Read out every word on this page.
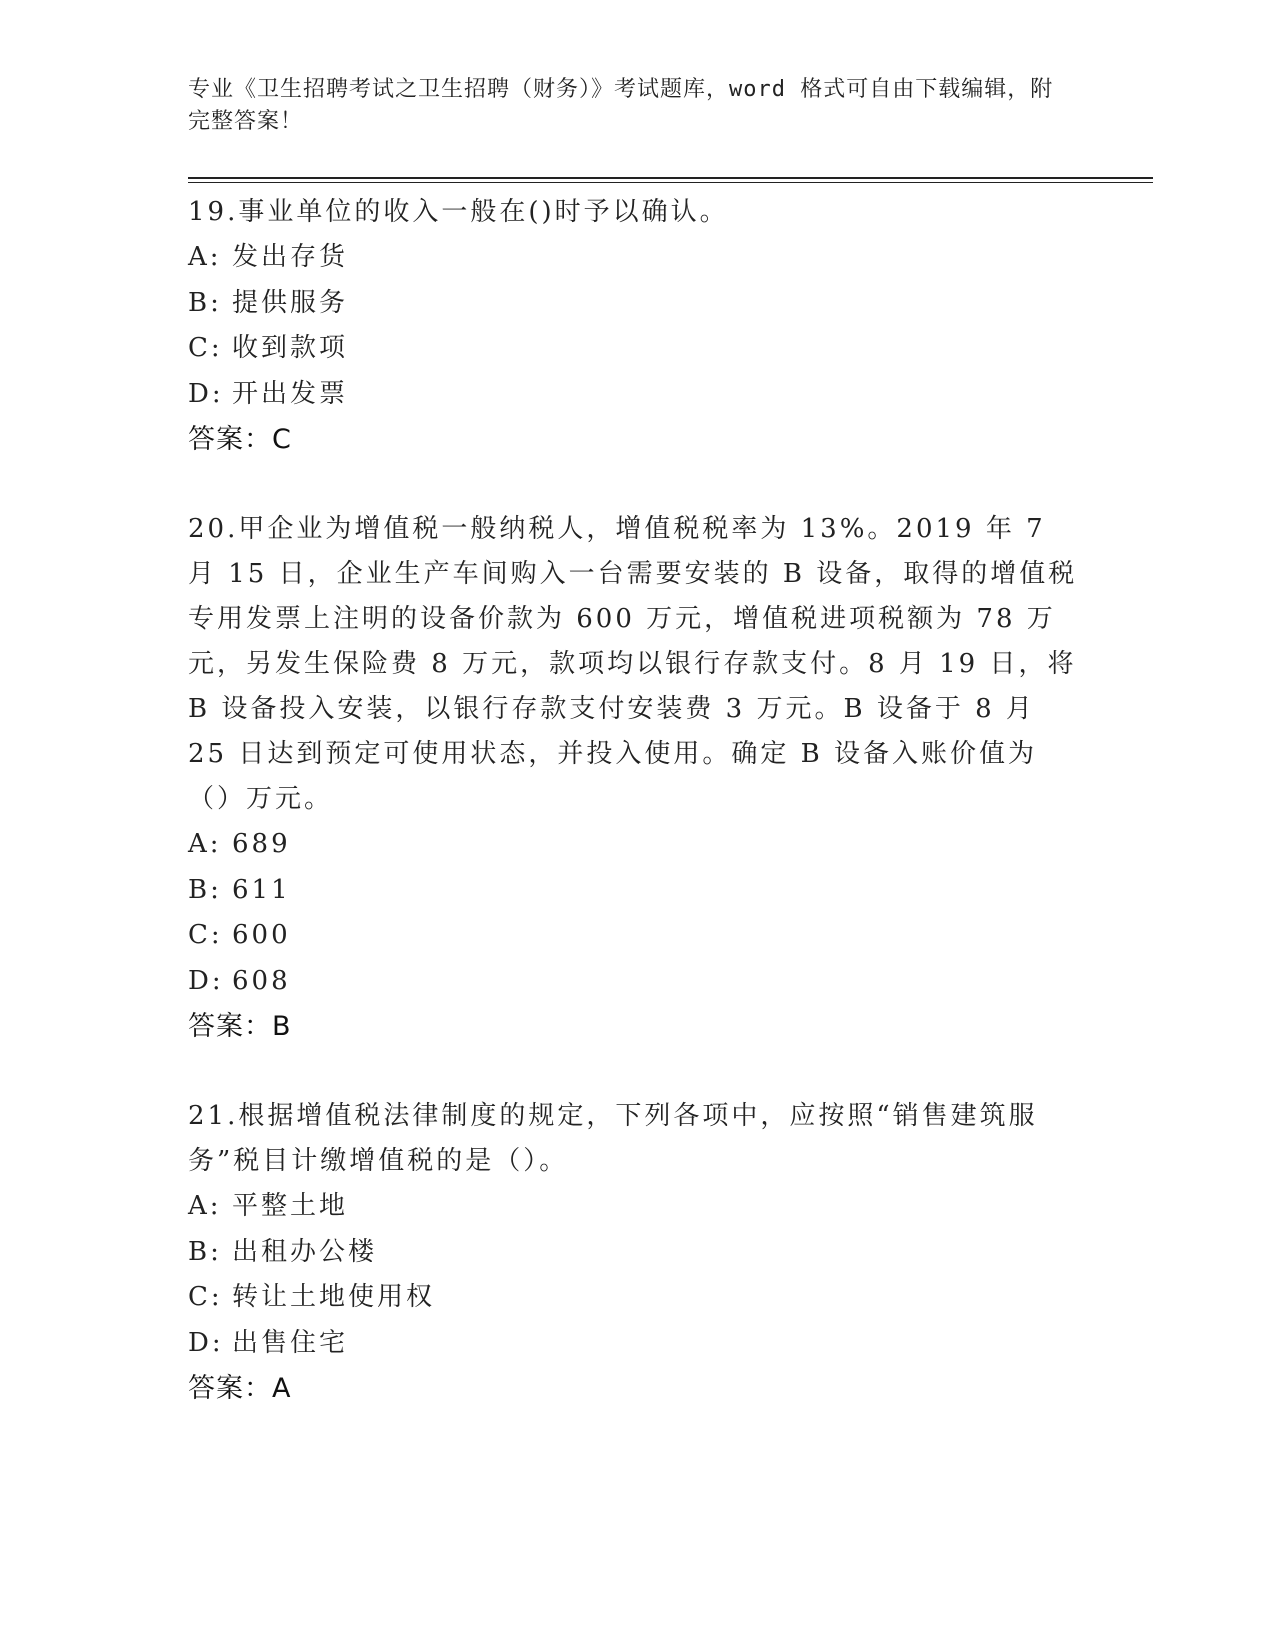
专业《卫生招聘考试之卫生招聘（财务）》考试题库，word 格式可自由下载编辑，附完整答案！
19.事业单位的收入一般在()时予以确认。
A: 发出存货
B: 提供服务
C: 收到款项
D: 开出发票
答案：C
20.甲企业为增值税一般纳税人，增值税税率为 13%。2019 年 7 月 15 日，企业生产车间购入一台需要安装的 B 设备，取得的增值税专用发票上注明的设备价款为 600 万元，增值税进项税额为 78 万元，另发生保险费 8 万元，款项均以银行存款支付。8 月 19 日，将 B 设备投入安装，以银行存款支付安装费 3 万元。B 设备于 8 月 25 日达到预定可使用状态，并投入使用。确定 B 设备入账价值为（）万元。
A: 689
B: 611
C: 600
D: 608
答案：B
21.根据增值税法律制度的规定，下列各项中，应按照“销售建筑服务”税目计缴增值税的是（）。
A: 平整土地
B: 出租办公楼
C: 转让土地使用权
D: 出售住宅
答案：A
